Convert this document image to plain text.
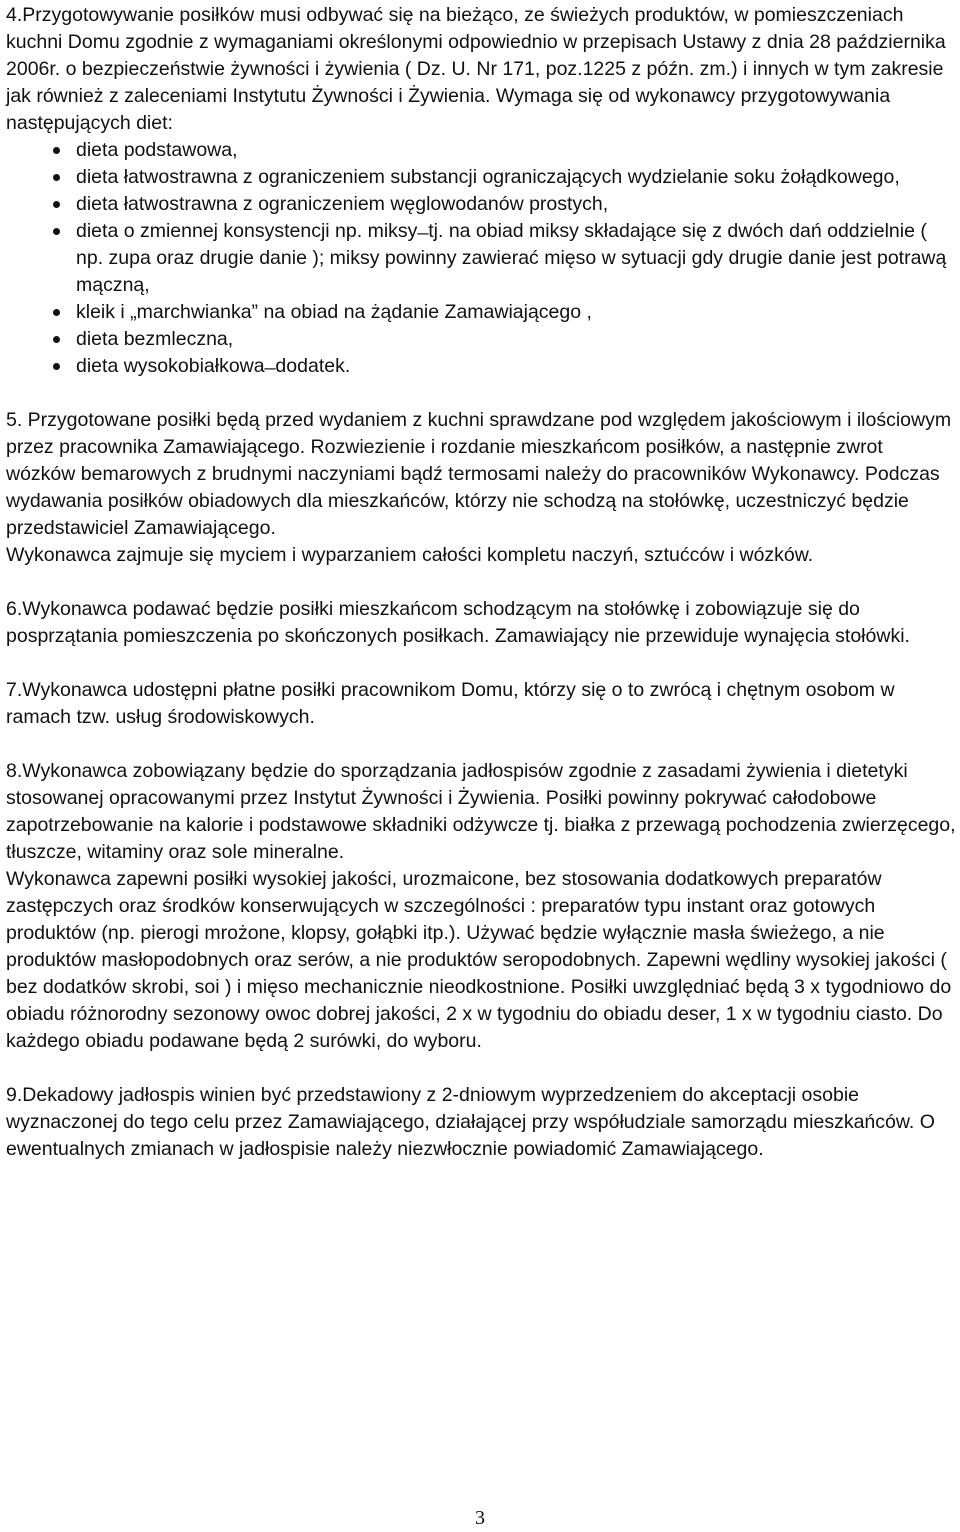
4.Przygotowywanie posiłków musi odbywać się na bieżąco, ze świeżych produktów, w pomieszczeniach kuchni Domu zgodnie z wymaganiami określonymi odpowiednio w przepisach Ustawy z dnia 28 października 2006r. o bezpieczeństwie żywności i żywienia ( Dz. U. Nr 171, poz.1225 z późn. zm.) i innych w tym zakresie jak również z zaleceniami Instytutu Żywności i Żywienia. Wymaga się od wykonawcy przygotowywania następujących diet:

dieta podstawowa,
dieta łatwostrawna z ograniczeniem substancji ograniczających wydzielanie soku żołądkowego,
dieta łatwostrawna z ograniczeniem węglowodanów prostych,
dieta o zmiennej konsystencji np. miksy ̶ tj. na obiad miksy składające się z dwóch dań oddzielnie ( np. zupa oraz drugie danie ); miksy powinny zawierać mięso w sytuacji gdy drugie danie jest potrawą mączną,
kleik i „marchwianka” na obiad na żądanie Zamawiającego ,
dieta bezmleczna,
dieta wysokobiałkowa ̶ dodatek.

5. Przygotowane posiłki będą przed wydaniem z kuchni sprawdzane pod względem jakościowym i ilościowym przez pracownika Zamawiającego. Rozwiezienie i rozdanie mieszkańcom posiłków, a następnie zwrot wózków bemarowych z brudnymi naczyniami bądź termosami należy do pracowników Wykonawcy. Podczas wydawania posiłków obiadowych dla mieszkańców, którzy nie schodzą na stołówkę, uczestniczyć będzie przedstawiciel Zamawiającego.

Wykonawca zajmuje się myciem i wyparzaniem całości kompletu naczyń, sztućców i wózków.

6.Wykonawca podawać będzie posiłki mieszkańcom schodzącym na stołówkę i zobowiązuje się do posprzątania pomieszczenia po skończonych posiłkach. Zamawiający nie przewiduje wynajęcia stołówki.

7.Wykonawca udostępni płatne posiłki pracownikom Domu, którzy się o to zwrócą i chętnym osobom w ramach tzw. usług środowiskowych.

8.Wykonawca zobowiązany będzie do sporządzania jadłospisów zgodnie z zasadami żywienia i dietetyki stosowanej opracowanymi przez Instytut Żywności i Żywienia. Posiłki powinny pokrywać całodobowe zapotrzebowanie na kalorie i podstawowe składniki odżywcze tj. białka z przewagą pochodzenia zwierzęcego, tłuszcze, witaminy oraz sole mineralne.

Wykonawca zapewni posiłki wysokiej jakości, urozmaicone, bez stosowania dodatkowych preparatów zastępczych oraz środków konserwujących w szczególności : preparatów typu instant oraz gotowych produktów (np. pierogi mrożone, klopsy, gołąbki itp.). Używać będzie wyłącznie masła świeżego, a nie produktów masłopodobnych oraz serów, a nie produktów seropodobnych. Zapewni wędliny wysokiej jakości ( bez dodatków skrobi, soi ) i mięso mechanicznie nieodkostnione. Posiłki uwzględniać będą 3 x tygodniowo do obiadu różnorodny sezonowy owoc dobrej jakości, 2 x w tygodniu do obiadu deser, 1 x w tygodniu ciasto. Do każdego obiadu podawane będą 2 surówki, do wyboru.

9.Dekadowy jadłospis winien być przedstawiony z 2-dniowym wyprzedzeniem do akceptacji osobie wyznaczonej do tego celu przez Zamawiającego, działającej przy współudziale samorządu mieszkańców. O ewentualnych zmianach w jadłospisie należy niezwłocznie powiadomić Zamawiającego.

3
